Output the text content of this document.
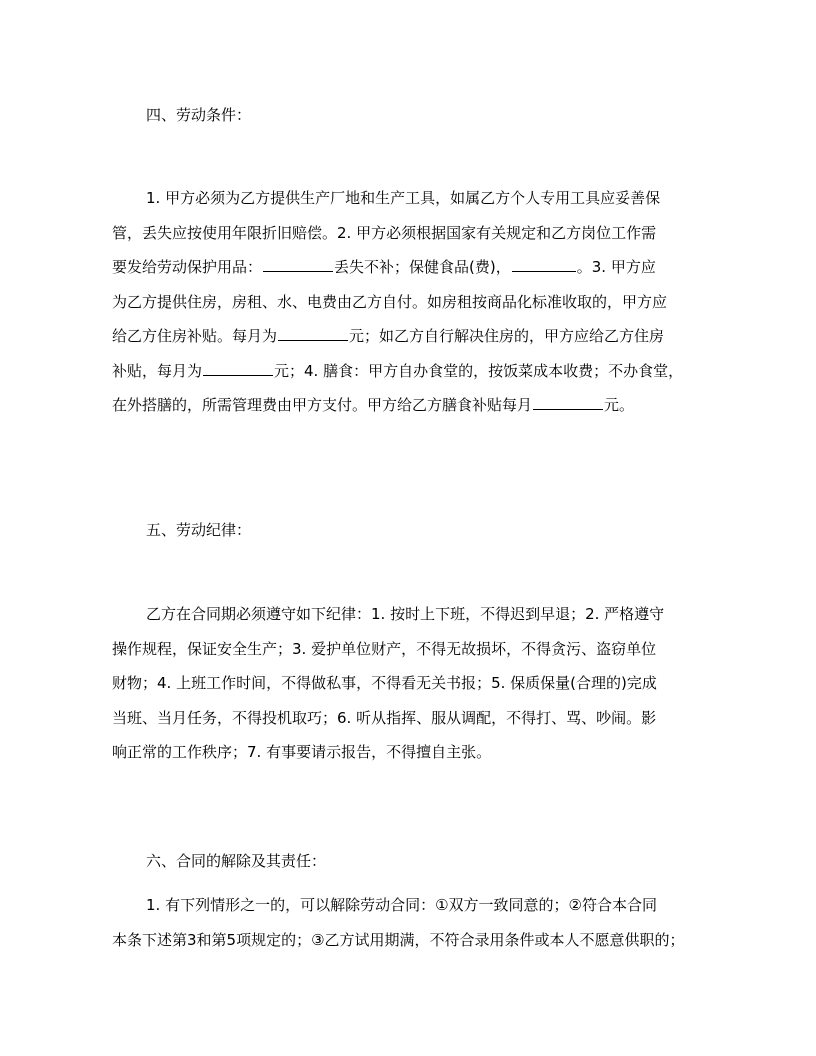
四、劳动条件：
1. 甲方必须为乙方提供生产厂地和生产工具，如属乙方个人专用工具应妥善保
管，丢失应按使用年限折旧赔偿。2. 甲方必须根据国家有关规定和乙方岗位工作需
要发给劳动保护用品：	丢失不补；保健食品(费)，	。3. 甲方应
为乙方提供住房，房租、水、电费由乙方自付。如房租按商品化标准收取的，甲方应
给乙方住房补贴。每月为	元；如乙方自行解决住房的，甲方应给乙方住房
补贴，每月为	元；4. 膳食：甲方自办食堂的，按饭菜成本收费；不办食堂，
在外搭膳的，所需管理费由甲方支付。甲方给乙方膳食补贴每月	元。
五、劳动纪律：
乙方在合同期必须遵守如下纪律：1. 按时上下班，不得迟到早退；2. 严格遵守
操作规程，保证安全生产；3. 爱护单位财产，不得无故损坏，不得贪污、盗窃单位
财物；4. 上班工作时间，不得做私事，不得看无关书报；5. 保质保量(合理的)完成
当班、当月任务，不得投机取巧；6. 听从指挥、服从调配，不得打、骂、吵闹。影
响正常的工作秩序；7. 有事要请示报告，不得擅自主张。
六、合同的解除及其责任：
1. 有下列情形之一的，可以解除劳动合同：①双方一致同意的；②符合本合同
本条下述第3和第5项规定的；③乙方试用期满，不符合录用条件或本人不愿意供职的；
